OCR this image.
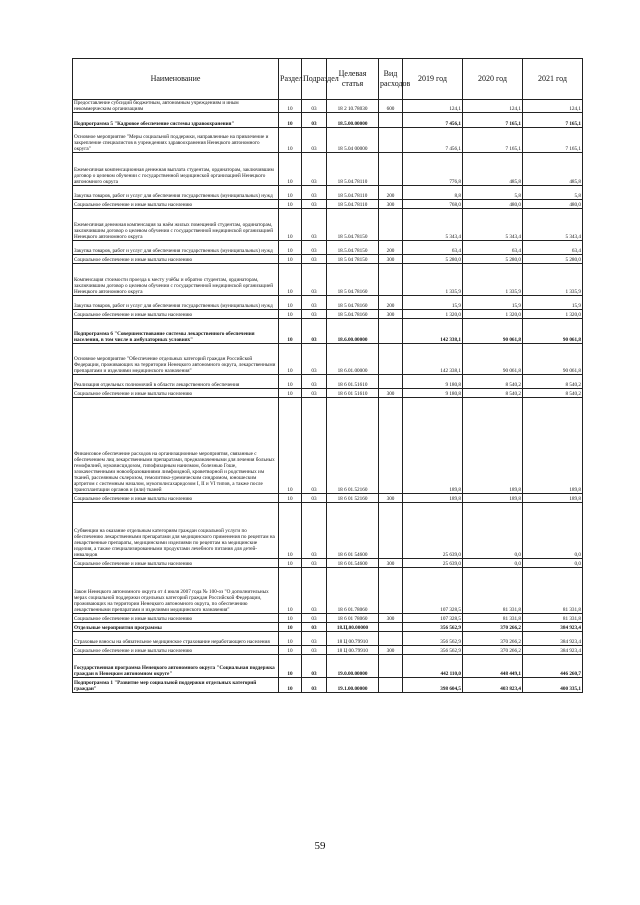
Наименование	Раздел	Подраздел	Целевая статья	Вид расходов	2019 год	2020 год	2021 год
Предоставление субсидий бюджетным, автономным учреждениям и иным некоммерческим организациям	10	03	18 2 10.78030	600	124,1	124,1	124,1
Подпрограмма 5 "Кадровое обеспечение системы здравоохранения"	10	03	18.5.00.00000		7 456,1	7 165,1	7 165,1
Основное мероприятие "Меры социальной поддержки, направленные на привлечение и закрепление специалистов в учреждениях здравоохранения Ненецкого автономного округа"	10	03	18 5.04 00000		7 456,1	7 165,1	7 165,1
Ежемесячная компенсационная денежная выплата студентам, ординаторам, заключившим договор о целевом обучении с государственной медицинской организацией Ненецкого автономного округа	10	03	18 5.04.78110		776,8	485,8	485,8
Закупка товаров, работ и услуг для обеспечения государственных (муниципальных) нужд	10	03	18 5.04.78110	200	8,8	5,8	5,8
Социальное обеспечение и иные выплаты населению	10	03	18 5.04.78110	300	768,0	480,0	480,0
Ежемесячная денежная компенсация за наём жилых помещений студентам, ординаторам, заключившим договор о целевом обучении с государственной медицинской организацией Ненецкого автономного округа	10	03	18 5.04.78150		5 343,4	5 343,4	5 343,4
Закупка товаров, работ и услуг для обеспечения государственных (муниципальных) нужд	10	03	18.5.04.78150	200	63,4	63,4	63,4
Социальное обеспечение и иные выплаты населению	10	03	18 5 04 78150	300	5 280,0	5 280,0	5 280,0
Компенсация стоимости проезда к месту учёбы и обратно студентам, ординаторам, заключившим договор о целевом обучении с государственной медицинской организацией Ненецкого автономного округа	10	03	18 5 04.78160		1 335,9	1 335,9	1 335,9
Закупка товаров, работ и услуг для обеспечения государственных (муниципальных) нужд	10	03	18 5 04.78160	200	15,9	15,9	15,9
Социальное обеспечение и иные выплаты населению	10	03	18 5.04.78160	300	1 320,0	1 320,0	1 320,0
Подпрограмма 6 "Совершенствование системы лекарственного обеспечения населения, в том числе в амбулаторных условиях"	10	03	18.6.00.00000		142 338,1	90 061,8	90 061,8
Основное мероприятие "Обеспечение отдельных категорий граждан Российской Федерации, проживающих на территории Ненецкого автономного округа, лекарственными препаратами и изделиями медицинского назначения"	10	03	18 6.01.00000		142 338,1	90 061,8	90 061,8
Реализация отдельных полномочий в области лекарственного обеспечения	10	03	18 6 01.51610		9 180,8	8 540,2	8 540,2
Социальное обеспечение и иные выплаты населению	10	03	18 6 01 51610	300	9 180,8	8 540,2	8 540,2
Финансовое обеспечение расходов на организационные мероприятия, связанные с обеспечением лиц лекарственными препаратами, предназначенными для лечения больных гемофилией, муковисцидозом, гипофизарным нанизмом, болезнью Гоше, злокачественными новообразованиями лимфоидной, кроветворной и родственных им тканей, рассеянным склерозом, гемолитико-уремическим синдромом, юношеским артритом с системным началом, мукополисахаридозом I, II и VI типов, а также после трансплантации органов и (или) тканей	10	03	18 6 01.52160		189,8	189,8	189,8
Социальное обеспечение и иные выплаты населению	10	03	18 6 01 52160	300	189,8	189,8	189,8
Субвенции на оказание отдельным категориям граждан социальной услуги по обеспечению лекарственными препаратами для медицинского применения по рецептам на лекарственные препараты, медицинскими изделиями по рецептам на медицинские изделия, а также специализированными продуктами лечебного питания для детей-инвалидов	10	03	18 6 01 54600		25 639,0	0,0	0,0
Социальное обеспечение и иные выплаты населению	10	03	18 6 01.54600	300	25 639,0	0,0	0,0
Закон Ненецкого автономного округа от 4 июля 2007 года № 100-оз "О дополнительных мерах социальной поддержки отдельных категорий граждан Российской Федерации, проживающих на территории Ненецкого автономного округа, по обеспечению лекарственными препаратами и изделиями медицинского назначения"	10	03	18 6 01.78060		107 328,5	81 331,8	81 331,8
Социальное обеспечение и иные выплаты населению	10	03	18 6 01 78060	300	107 328,5	81 331,8	81 331,8
Отдельные мероприятия программы	10	03	18.Ц.00.00000		356 562,9	370 266,2	384 923,4
Страховые взносы на обязательное медицинское страхование неработающего населения	10	03	18 Ц 00.79910		356 562,9	370 266,2	384 923,4
Социальное обеспечение и иные выплаты населению	10	03	18 Ц 00.79910	300	356 562,9	370 266,2	384 923,4
Государственная программа Ненецкого автономного округа "Социальная поддержка граждан в Ненецком автономном округе"	10	03	19.0.00.00000		442 110,0	448 449,1	446 260,7
Подпрограмма 1 "Развитие мер социальной поддержки отдельных категорий граждан"	10	03	19.1.00.00000		398 604,5	403 823,4	400 335,1
59
